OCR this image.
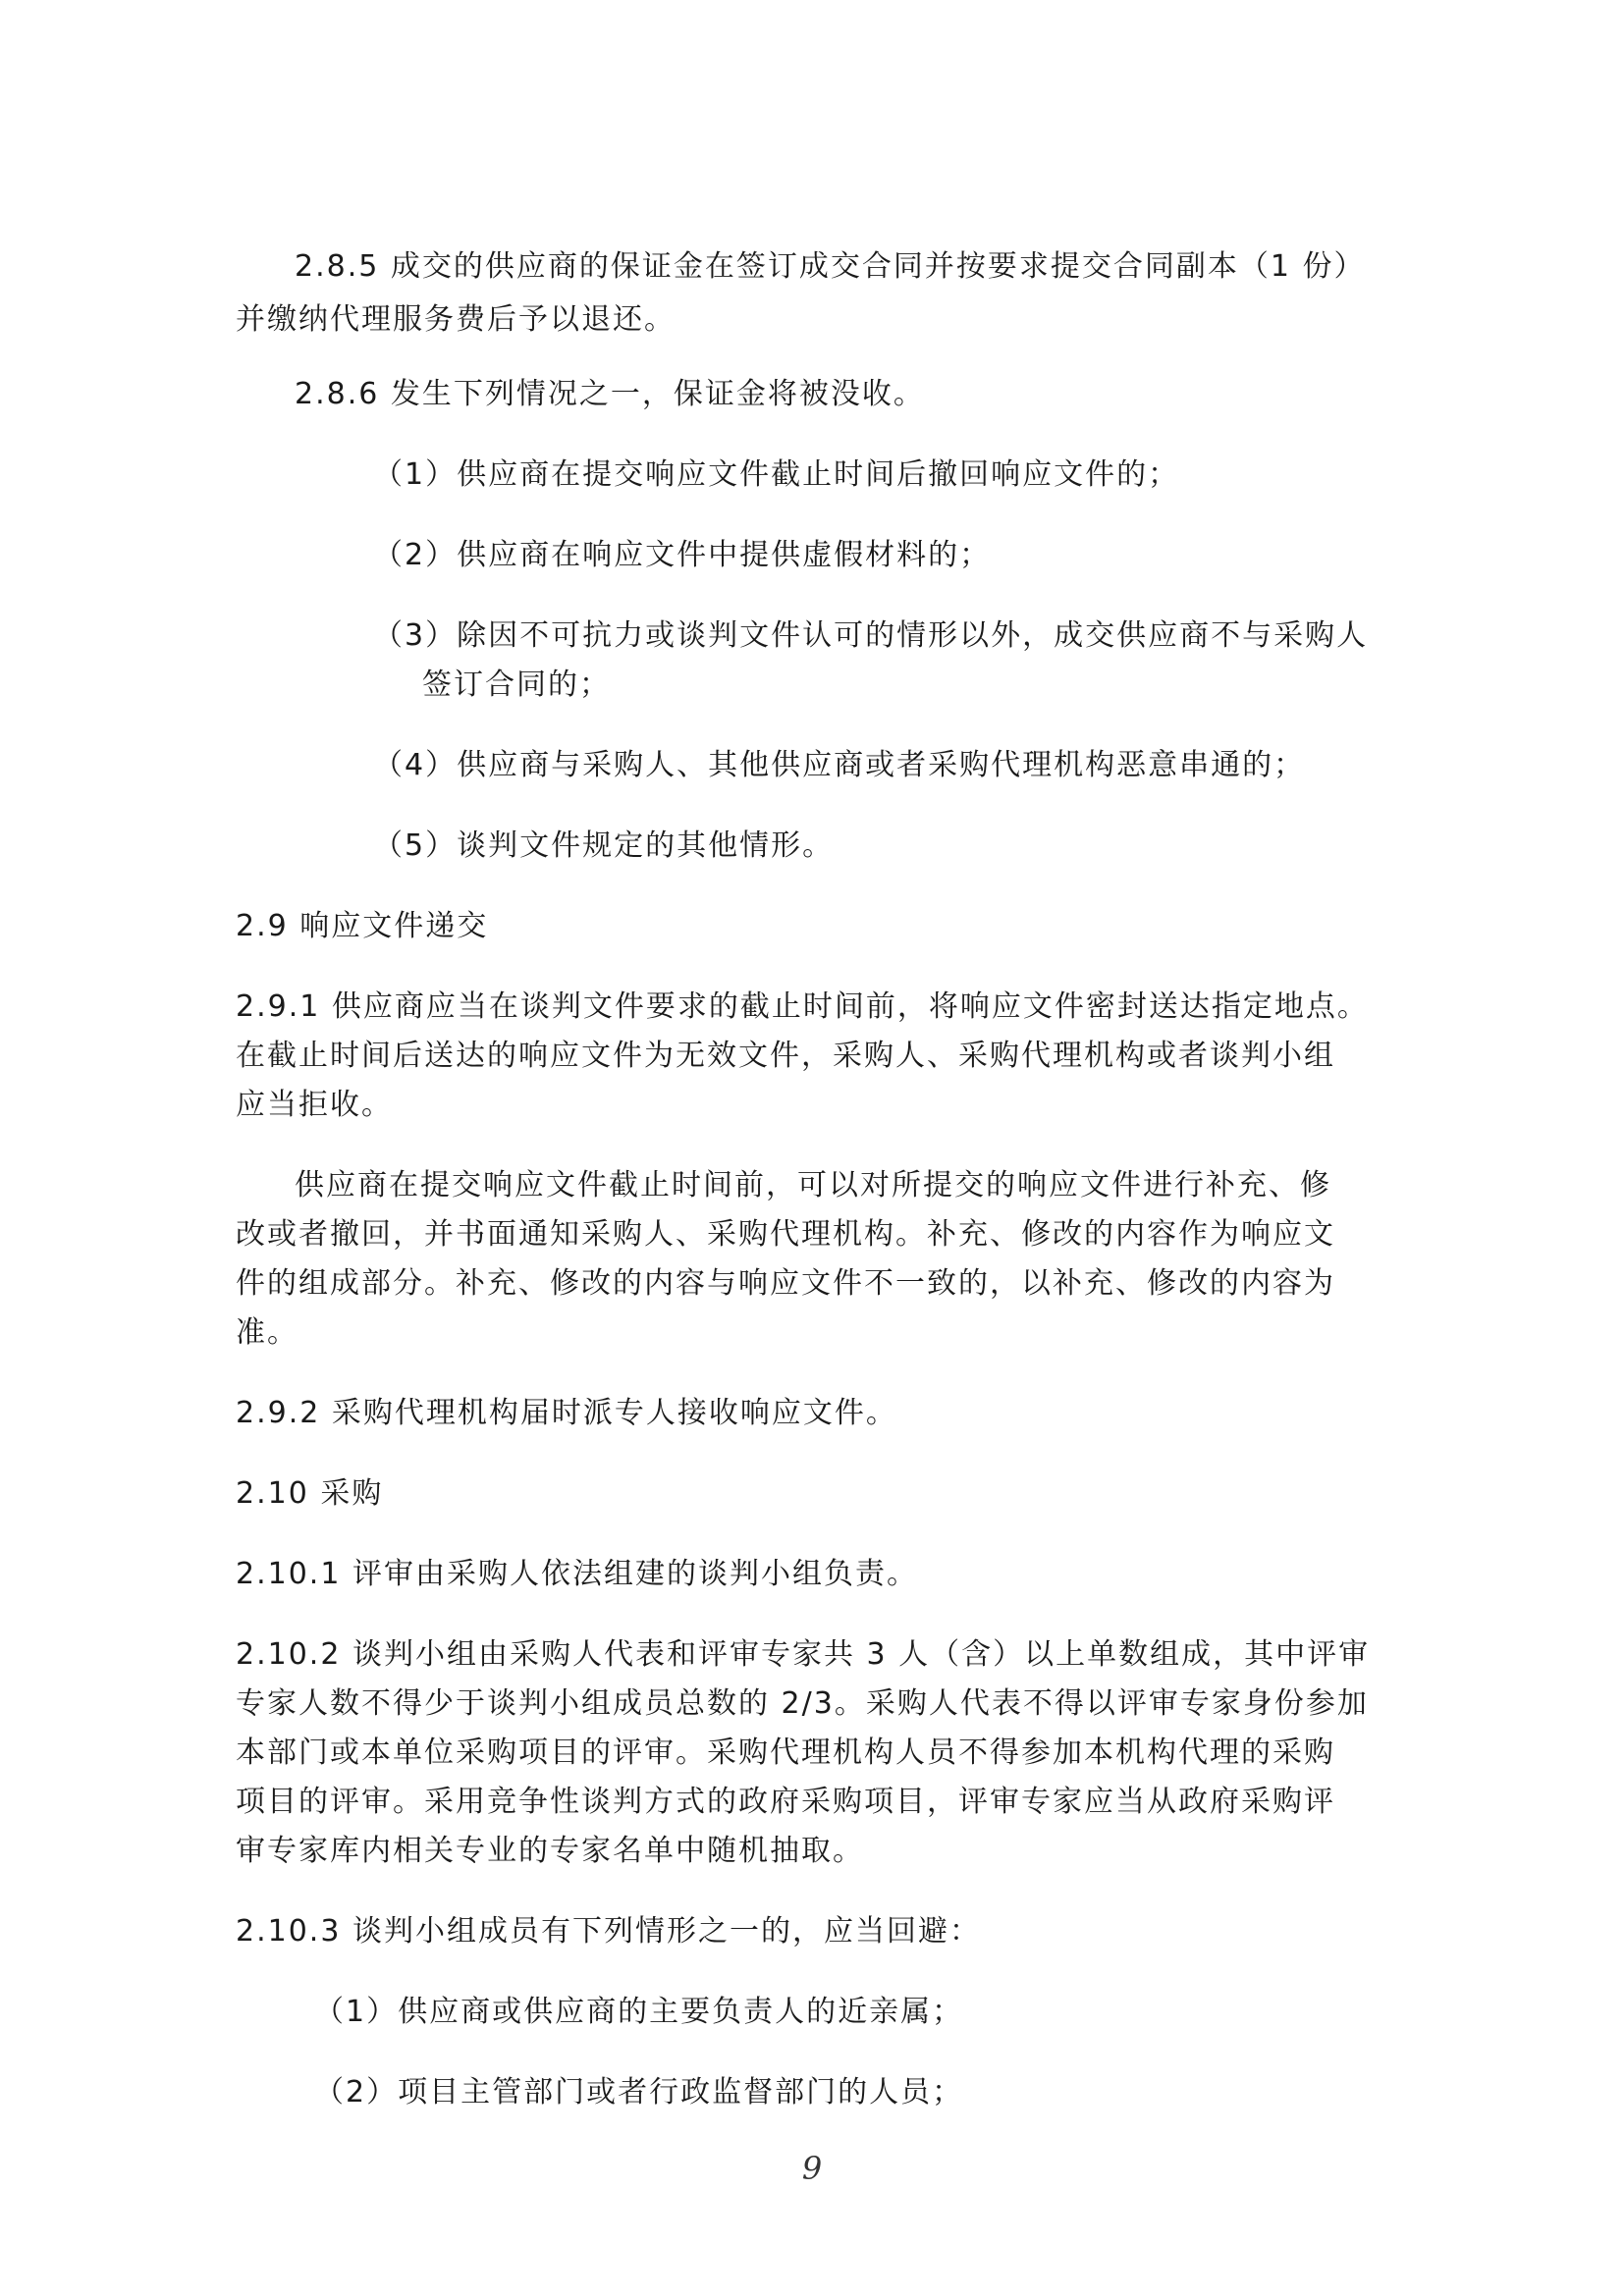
2.8.5 成交的供应商的保证金在签订成交合同并按要求提交合同副本（1 份）
并缴纳代理服务费后予以退还。
2.8.6 发生下列情况之一，保证金将被没收。
（1）供应商在提交响应文件截止时间后撤回响应文件的；
（2）供应商在响应文件中提供虚假材料的；
（3）除因不可抗力或谈判文件认可的情形以外，成交供应商不与采购人
签订合同的；
（4）供应商与采购人、其他供应商或者采购代理机构恶意串通的；
（5）谈判文件规定的其他情形。
2.9 响应文件递交
2.9.1 供应商应当在谈判文件要求的截止时间前，将响应文件密封送达指定地点。
在截止时间后送达的响应文件为无效文件，采购人、采购代理机构或者谈判小组
应当拒收。
供应商在提交响应文件截止时间前，可以对所提交的响应文件进行补充、修
改或者撤回，并书面通知采购人、采购代理机构。补充、修改的内容作为响应文
件的组成部分。补充、修改的内容与响应文件不一致的，以补充、修改的内容为
准。
2.9.2 采购代理机构届时派专人接收响应文件。
2.10 采购
2.10.1 评审由采购人依法组建的谈判小组负责。
2.10.2 谈判小组由采购人代表和评审专家共 3 人（含）以上单数组成，其中评审
专家人数不得少于谈判小组成员总数的 2/3。采购人代表不得以评审专家身份参加
本部门或本单位采购项目的评审。采购代理机构人员不得参加本机构代理的采购
项目的评审。采用竞争性谈判方式的政府采购项目，评审专家应当从政府采购评
审专家库内相关专业的专家名单中随机抽取。
2.10.3 谈判小组成员有下列情形之一的，应当回避：
（1）供应商或供应商的主要负责人的近亲属；
（2）项目主管部门或者行政监督部门的人员；
9
